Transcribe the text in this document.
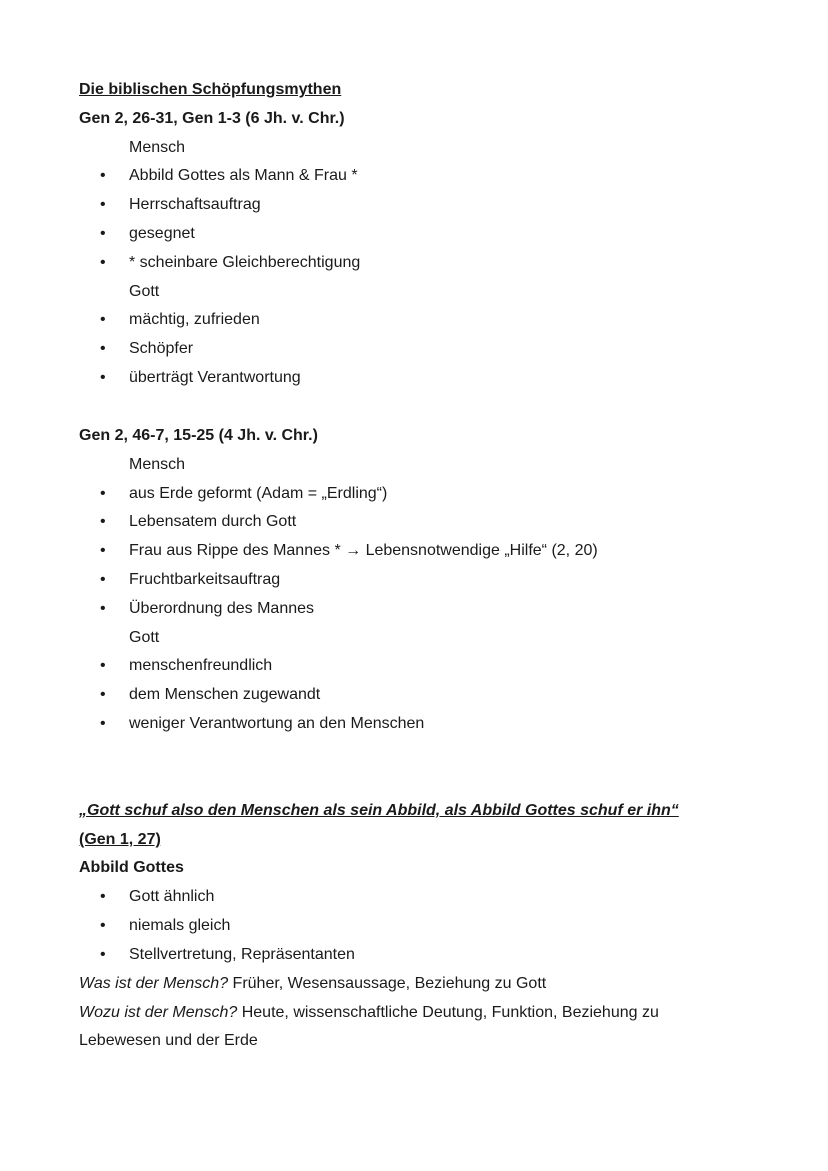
Die biblischen Schöpfungsmythen
Gen 2, 26-31, Gen 1-3 (6 Jh. v. Chr.)
Mensch
• Abbild Gottes als Mann & Frau *
• Herrschaftsauftrag
• gesegnet
• * scheinbare Gleichberechtigung
Gott
• mächtig, zufrieden
• Schöpfer
• überträgt Verantwortung
Gen 2, 46-7, 15-25 (4 Jh. v. Chr.)
Mensch
• aus Erde geformt (Adam = „Erdling“)
• Lebensatem durch Gott
• Frau aus Rippe des Mannes * → Lebensnotwendige „Hilfe“ (2, 20)
• Fruchtbarkeitsauftrag
• Überordnung des Mannes
Gott
• menschenfreundlich
• dem Menschen zugewandt
• weniger Verantwortung an den Menschen
„Gott schuf also den Menschen als sein Abbild, als Abbild Gottes schuf er ihn“
(Gen 1, 27)
Abbild Gottes
• Gott ähnlich
• niemals gleich
• Stellvertretung, Repräsentanten
Was ist der Mensch? Früher, Wesensaussage, Beziehung zu Gott
Wozu ist der Mensch? Heute, wissenschaftliche Deutung, Funktion, Beziehung zu
Lebewesen und der Erde
